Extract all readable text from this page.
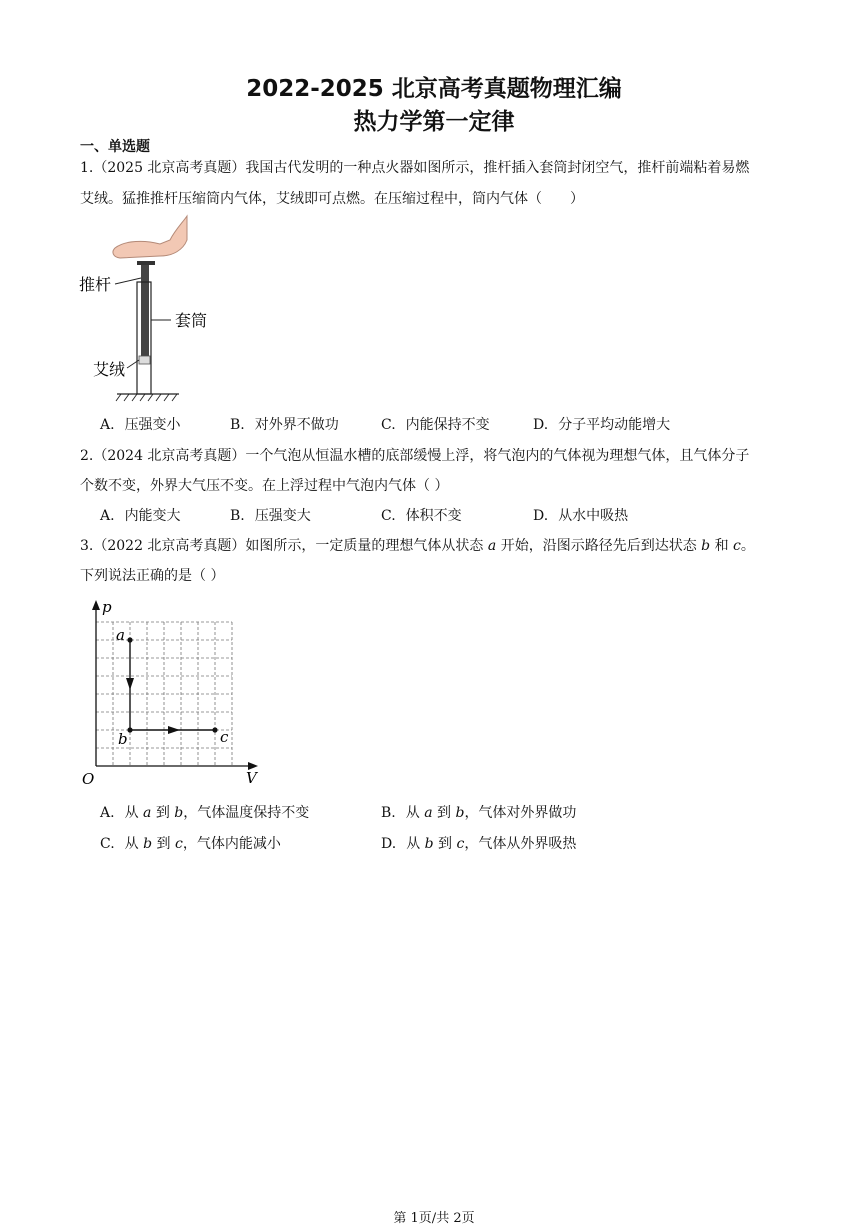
2022-2025 北京高考真题物理汇编
热力学第一定律
一、单选题
1.（2025 北京高考真题）我国古代发明的一种点火器如图所示，推杆插入套筒封闭空气，推杆前端粘着易燃
艾绒。猛推推杆压缩筒内气体，艾绒即可点燃。在压缩过程中，筒内气体（　　）
推杆
套筒
艾绒
A. 压强变小	B. 对外界不做功	C. 内能保持不变	D. 分子平均动能增大
2.（2024 北京高考真题）一个气泡从恒温水槽的底部缓慢上浮，将气泡内的气体视为理想气体，且气体分子
个数不变，外界大气压不变。在上浮过程中气泡内气体（ ）
A. 内能变大	B. 压强变大	C. 体积不变	D. 从水中吸热
3.（2022 北京高考真题）如图所示，一定质量的理想气体从状态 a 开始，沿图示路径先后到达状态 b 和 c。
下列说法正确的是（ ）
p
V
O
a
b	c
A. 从 a 到 b，气体温度保持不变	B. 从 a 到 b，气体对外界做功
C. 从 b 到 c，气体内能减小	D. 从 b 到 c，气体从外界吸热
第 1页/共 2页
